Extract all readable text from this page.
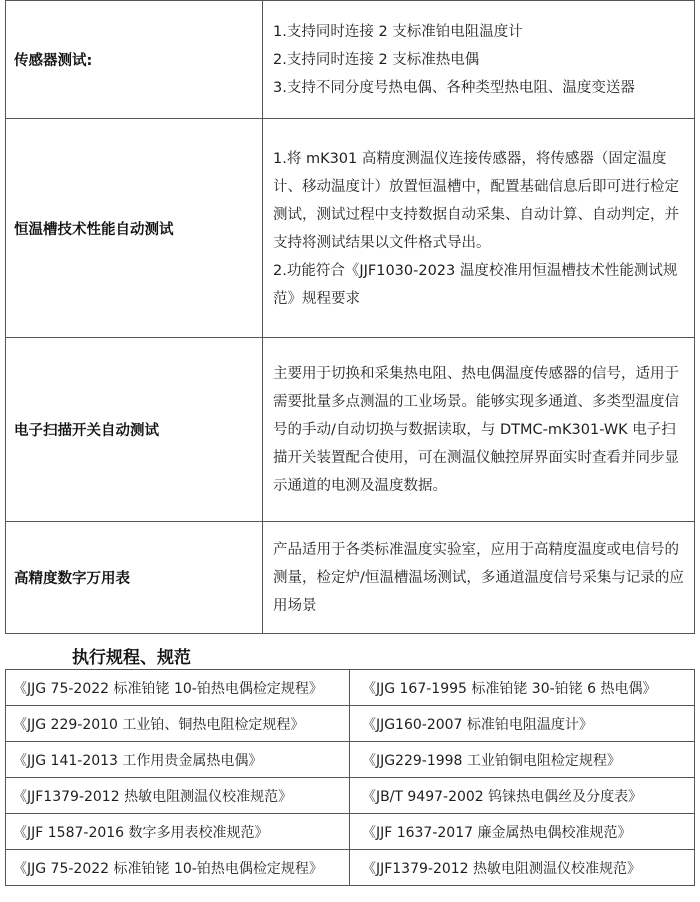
传感器测试:	1.支持同时连接 2 支标准铂电阻温度计

2.支持同时连接 2 支标准热电偶

3.支持不同分度号热电偶、各种类型热电阻、温度变送器

恒温槽技术性能自动测试	1.将 mK301 高精度测温仪连接传感器，将传感器（固定温度计、移动温度计）放置恒温槽中，配置基础信息后即可进行检定测试，测试过程中支持数据自动采集、自动计算、自动判定，并支持将测试结果以文件格式导出。

2.功能符合《JJF1030-2023 温度校准用恒温槽技术性能测试规范》规程要求

电子扫描开关自动测试	主要用于切换和采集热电阻、热电偶温度传感器的信号，适用于需要批量多点测温的工业场景。能够实现多通道、多类型温度信号的手动/自动切换与数据读取，与 DTMC-mK301-WK 电子扫描开关装置配合使用，可在测温仪触控屏界面实时查看并同步显示通道的电测及温度数据。

高精度数字万用表	产品适用于各类标准温度实验室，应用于高精度温度或电信号的测量，检定炉/恒温槽温场测试，多通道温度信号采集与记录的应用场景

执行规程、规范
《JJG 75-2022 标准铂铑 10-铂热电偶检定规程》	《JJG 167-1995 标准铂铑 30-铂铑 6 热电偶》
《JJG 229-2010 工业铂、铜热电阻检定规程》	《JJG160-2007 标准铂电阻温度计》
《JJG 141-2013 工作用贵金属热电偶》	《JJG229-1998 工业铂铜电阻检定规程》
《JJF1379-2012 热敏电阻测温仪校准规范》	《JB/T 9497-2002 钨铼热电偶丝及分度表》
《JJF 1587-2016 数字多用表校准规范》	《JJF 1637-2017 廉金属热电偶校准规范》
《JJG 75-2022 标准铂铑 10-铂热电偶检定规程》	《JJF1379-2012 热敏电阻测温仪校准规范》
